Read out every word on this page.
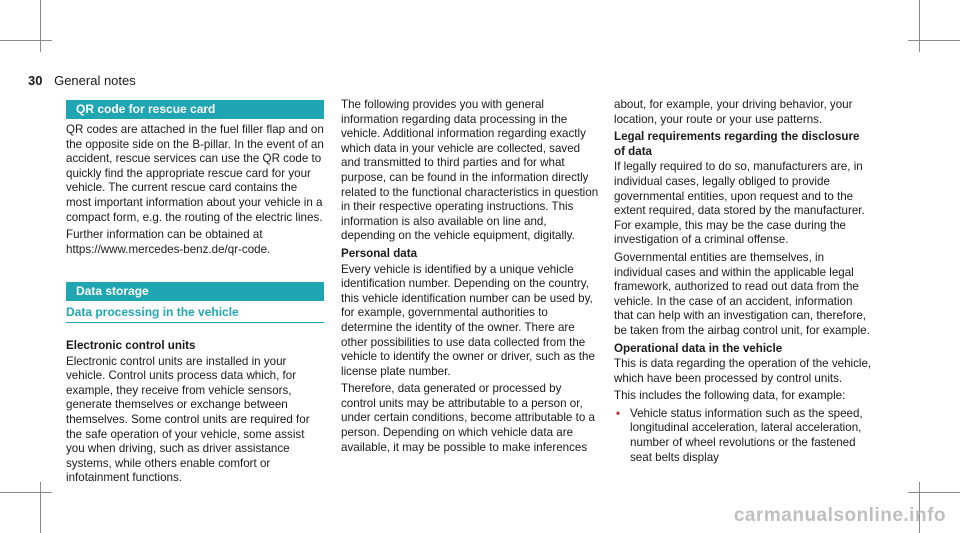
30 General notes
QR code for rescue card

QR codes are attached in the fuel filler flap and on the opposite side on the B-pillar. In the event of an accident, rescue services can use the QR code to quickly find the appropriate rescue card for your vehicle. The current rescue card contains the most important information about your vehicle in a compact form, e.g. the routing of the electric lines.

Further information can be obtained at https://www.mercedes-benz.de/qr-code.

Data storage
Data processing in the vehicle
Electronic control units

Electronic control units are installed in your vehicle. Control units process data which, for example, they receive from vehicle sensors, generate themselves or exchange between themselves. Some control units are required for the safe operation of your vehicle, some assist you when driving, such as driver assistance systems, while others enable comfort or infotainment functions.

The following provides you with general information regarding data processing in the vehicle. Additional information regarding exactly which data in your vehicle are collected, saved and transmitted to third parties and for what purpose, can be found in the information directly related to the functional characteristics in question in their respective operating instructions. This information is also available on line and, depending on the vehicle equipment, digitally.

Personal data

Every vehicle is identified by a unique vehicle identification number. Depending on the country, this vehicle identification number can be used by, for example, governmental authorities to determine the identity of the owner. There are other possibilities to use data collected from the vehicle to identify the owner or driver, such as the license plate number.

Therefore, data generated or processed by control units may be attributable to a person or, under certain conditions, become attributable to a person. Depending on which vehicle data are available, it may be possible to make inferences

about, for example, your driving behavior, your location, your route or your use patterns.

Legal requirements regarding the disclosure of data

If legally required to do so, manufacturers are, in individual cases, legally obliged to provide governmental entities, upon request and to the extent required, data stored by the manufacturer. For example, this may be the case during the investigation of a criminal offense.

Governmental entities are themselves, in individual cases and within the applicable legal framework, authorized to read out data from the vehicle. In the case of an accident, information that can help with an investigation can, therefore, be taken from the airbag control unit, for example.

Operational data in the vehicle

This is data regarding the operation of the vehicle, which have been processed by control units.

This includes the following data, for example:

• Vehicle status information such as the speed, longitudinal acceleration, lateral acceleration, number of wheel revolutions or the fastened seat belts display
carmanualsonline.info
